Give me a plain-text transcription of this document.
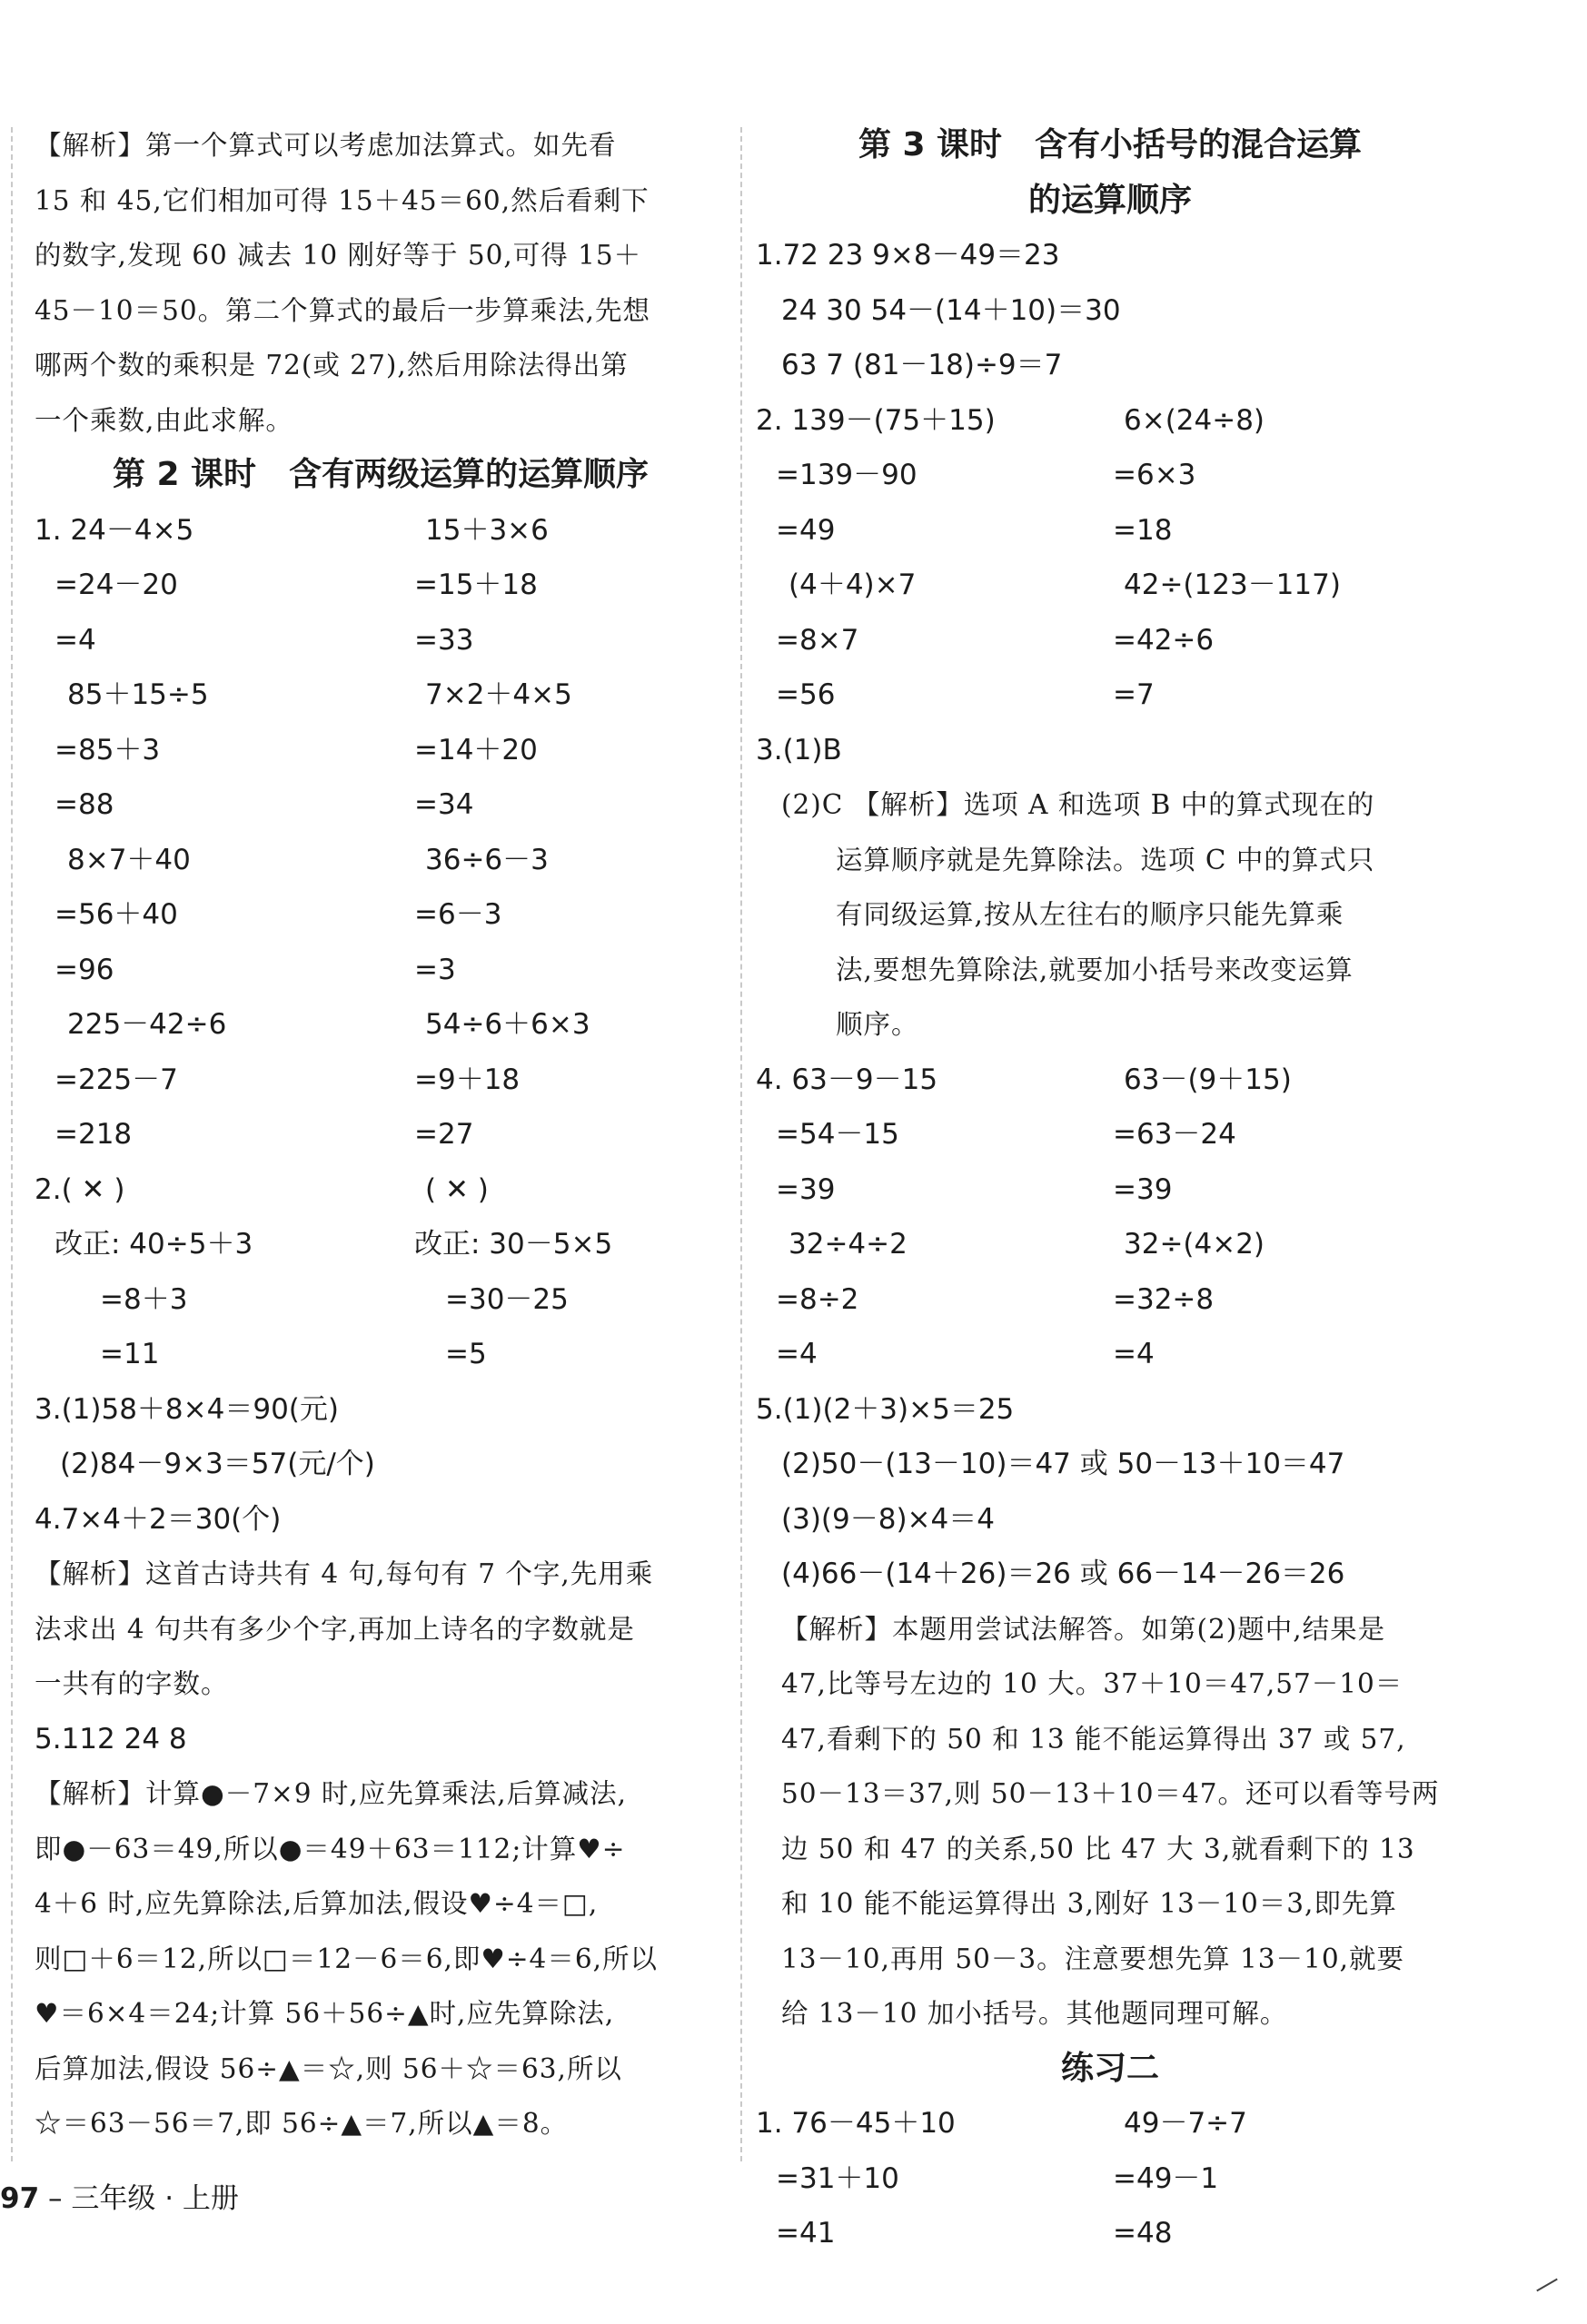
【解析】第一个算式可以考虑加法算式。如先看
15 和 45,它们相加可得 15＋45＝60,然后看剩下
的数字,发现 60 减去 10 刚好等于 50,可得 15＋
45－10＝50。第二个算式的最后一步算乘法,先想
哪两个数的乘积是 72(或 27),然后用除法得出第
一个乘数,由此求解。
第 2 课时　含有两级运算的运算顺序
1. 24－4×5	15＋3×6
=24－20	=15＋18
=4	=33
85＋15÷5	7×2＋4×5
=85＋3	=14＋20
=88	=34
8×7＋40	36÷6－3
=56＋40	=6－3
=96	=3
225－42÷6	54÷6＋6×3
=225－7	=9＋18
=218	=27
2.( ✕ )	( ✕ )
改正: 40÷5＋3	改正: 30－5×5
=8＋3	=30－25
=11	=5
3.(1)58＋8×4＝90(元)
(2)84－9×3＝57(元/个)
4.7×4＋2＝30(个)
【解析】这首古诗共有 4 句,每句有 7 个字,先用乘
法求出 4 句共有多少个字,再加上诗名的字数就是
一共有的字数。
5.112 24 8
【解析】计算●－7×9 时,应先算乘法,后算减法,
即●－63＝49,所以●＝49＋63＝112;计算♥÷
4＋6 时,应先算除法,后算加法,假设♥÷4＝□,
则□＋6＝12,所以□＝12－6＝6,即♥÷4＝6,所以
♥＝6×4＝24;计算 56＋56÷▲时,应先算除法,
后算加法,假设 56÷▲＝☆,则 56＋☆＝63,所以
☆＝63－56＝7,即 56÷▲＝7,所以▲＝8。
第 3 课时　含有小括号的混合运算
的运算顺序
1.72 23 9×8－49＝23
24 30 54－(14＋10)＝30
63 7 (81－18)÷9＝7
2. 139－(75＋15)	6×(24÷8)
=139－90	=6×3
=49	=18
(4＋4)×7	42÷(123－117)
=8×7	=42÷6
=56	=7
3.(1)B
(2)C 【解析】选项 A 和选项 B 中的算式现在的
运算顺序就是先算除法。选项 C 中的算式只
有同级运算,按从左往右的顺序只能先算乘
法,要想先算除法,就要加小括号来改变运算
顺序。
4. 63－9－15	63－(9＋15)
=54－15	=63－24
=39	=39
32÷4÷2	32÷(4×2)
=8÷2	=32÷8
=4	=4
5.(1)(2＋3)×5＝25
(2)50－(13－10)＝47 或 50－13＋10＝47
(3)(9－8)×4＝4
(4)66－(14＋26)＝26 或 66－14－26＝26
【解析】本题用尝试法解答。如第(2)题中,结果是
47,比等号左边的 10 大。37＋10＝47,57－10＝
47,看剩下的 50 和 13 能不能运算得出 37 或 57,
50－13＝37,则 50－13＋10＝47。还可以看等号两
边 50 和 47 的关系,50 比 47 大 3,就看剩下的 13
和 10 能不能运算得出 3,刚好 13－10＝3,即先算
13－10,再用 50－3。注意要想先算 13－10,就要
给 13－10 加小括号。其他题同理可解。
练习二
1. 76－45＋10	49－7÷7
=31＋10	=49－1
=41	=48
97 – 三年级 · 上册
